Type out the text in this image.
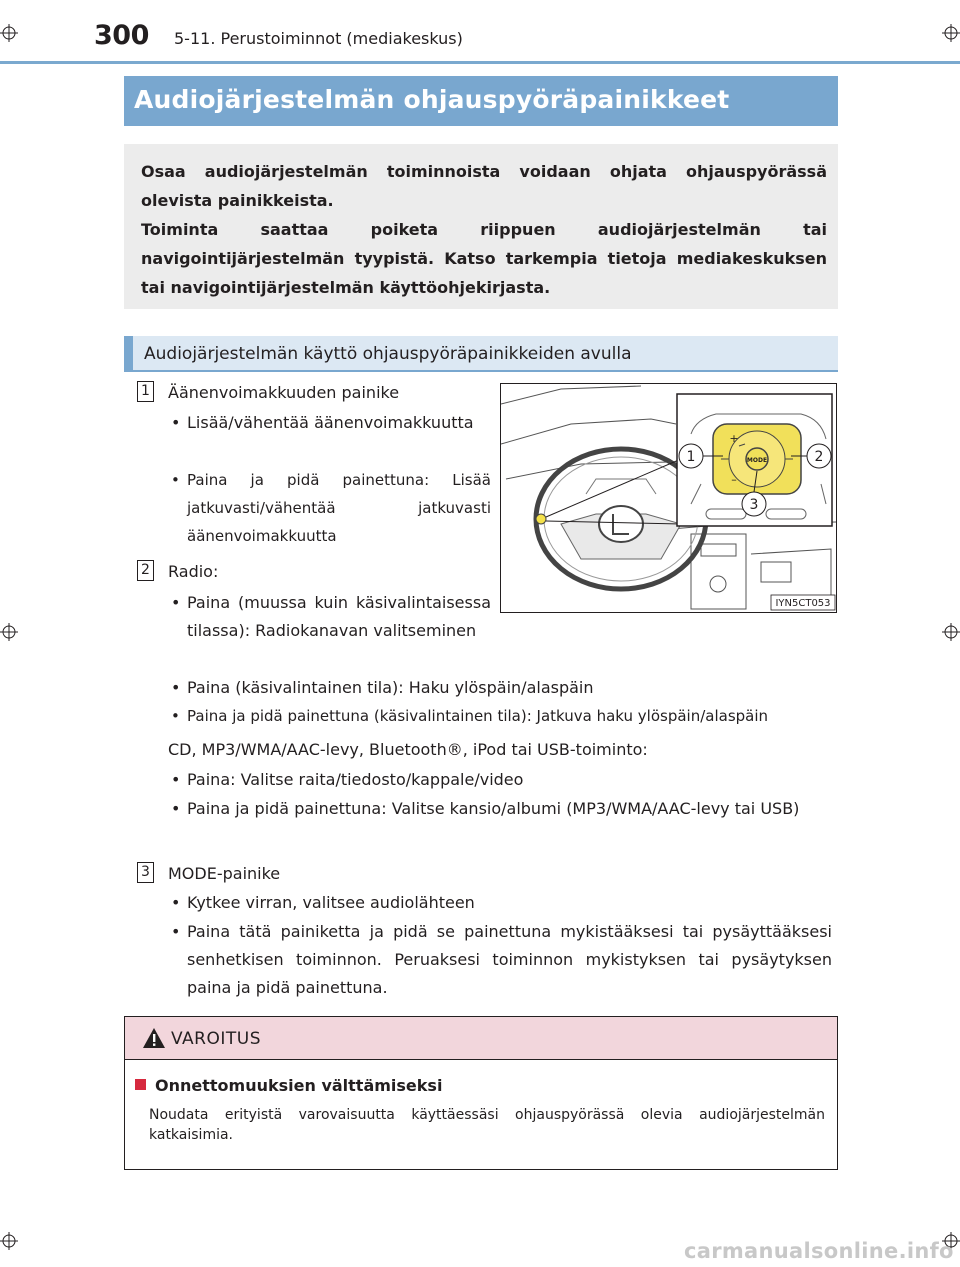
300 5-11. Perustoiminnot (mediakeskus)
Audiojärjestelmän ohjauspyöräpainikkeet
Osaa audiojärjestelmän toiminnoista voidaan ohjata ohjauspyörässä olevista painikkeista.
Toiminta saattaa poiketa riippuen audiojärjestelmän tai navigointijärjestelmän tyypistä. Katso tarkempia tietoja mediakeskuksen tai navigointijärjestelmän käyttöohjekirjasta.
Audiojärjestelmän käyttö ohjauspyöräpainikkeiden avulla
1 Äänenvoimakkuuden painike
• Lisää/vähentää äänenvoimakkuutta
• Paina ja pidä painettuna: Lisää jatkuvasti/vähentää jatkuvasti äänenvoimakkuutta
2 Radio:
• Paina (muussa kuin käsivalintaisessa tilassa): Radiokanavan valitseminen
• Paina (käsivalintainen tila): Haku ylöspäin/alaspäin
• Paina ja pidä painettuna (käsivalintainen tila): Jatkuva haku ylöspäin/alaspäin
CD, MP3/WMA/AAC-levy, Bluetooth®, iPod tai USB-toiminto:
• Paina: Valitse raita/tiedosto/kappale/video
• Paina ja pidä painettuna: Valitse kansio/albumi (MP3/WMA/AAC-levy tai USB)
3 MODE-painike
• Kytkee virran, valitsee audiolähteen
• Paina tätä painiketta ja pidä se painettuna mykistääksesi tai pysäyttääksesi senhetkisen toiminnon. Peruaksesi toiminnon mykistyksen tai pysäytyksen paina ja pidä painettuna.
MODE
+
–
1	2
3
IYN5CT053
VAROITUS
Onnettomuuksien välttämiseksi
Noudata erityistä varovaisuutta käyttäessäsi ohjauspyörässä olevia audiojärjestelmän katkaisimia.
carmanualsonline.info
